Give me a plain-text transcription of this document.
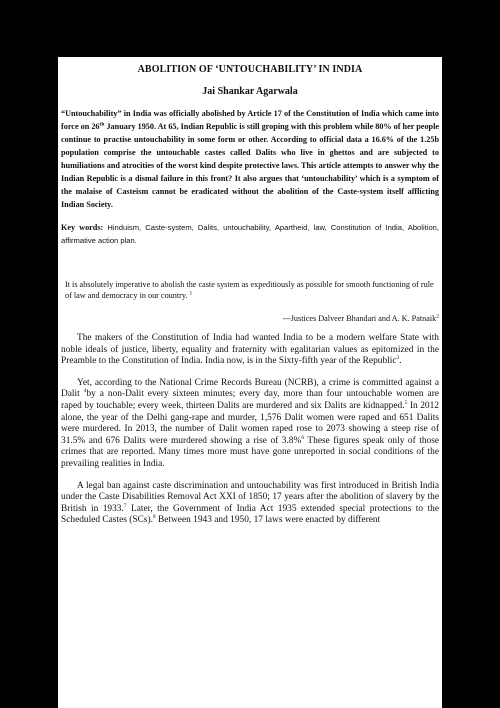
ABOLITION OF ‘UNTOUCHABILITY’ IN INDIA
Jai Shankar Agarwala

“Untouchability” in India was officially abolished by Article 17 of the Constitution of India which came into force on 26th January 1950. At 65, Indian Republic is still groping with this problem while 80% of her people continue to practise untouchability in some form or other. According to official data a 16.6% of the 1.25b population comprise the untouchable castes called Dalits who live in ghettos and are subjected to humiliations and atrocities of the worst kind despite protective laws. This article attempts to answer why the Indian Republic is a dismal failure in this front? It also argues that ‘untouchability’ which is a symptom of the malaise of Casteism cannot be eradicated without the abolition of the Caste-system itself afflicting Indian Society.

Key words: Hinduism, Caste-system, Dalits, untouchability, Apartheid, law, Constitution of India, Abolition, affirmative action plan.

It is absolutely imperative to abolish the caste system as expeditiously as possible for smooth functioning of rule of law and democracy in our country. $^1$

---Justices Dalveer Bhandari and A. K. Patnaik$^2$

The makers of the Constitution of India had wanted India to be a modern welfare State with noble ideals of justice, liberty, equality and fraternity with egalitarian values as epitomized in the Preamble to the Constitution of India. India now, is in the Sixty-fifth year of the Republic$^3$.

Yet, according to the National Crime Records Bureau (NCRB), a crime is committed against a Dalit $^4$by a non-Dalit every sixteen minutes; every day, more than four untouchable women are raped by touchable; every week, thirteen Dalits are murdered and six Dalits are kidnapped.$^5$ In 2012 alone, the year of the Delhi gang-rape and murder, 1,576 Dalit women were raped and 651 Dalits were murdered. In 2013, the number of Dalit women raped rose to 2073 showing a steep rise of 31.5% and 676 Dalits were murdered showing a rise of 3.8%$^6$ These figures speak only of those crimes that are reported. Many times more must have gone unreported in social conditions of the prevailing realities in India.

A legal ban against caste discrimination and untouchability was first introduced in British India under the Caste Disabilities Removal Act XXI of 1850; 17 years after the abolition of slavery by the British in 1933.$^7$ Later, the Government of India Act 1935 extended special protections to the Scheduled Castes (SCs).$^8$ Between 1943 and 1950, 17 laws were enacted by different
